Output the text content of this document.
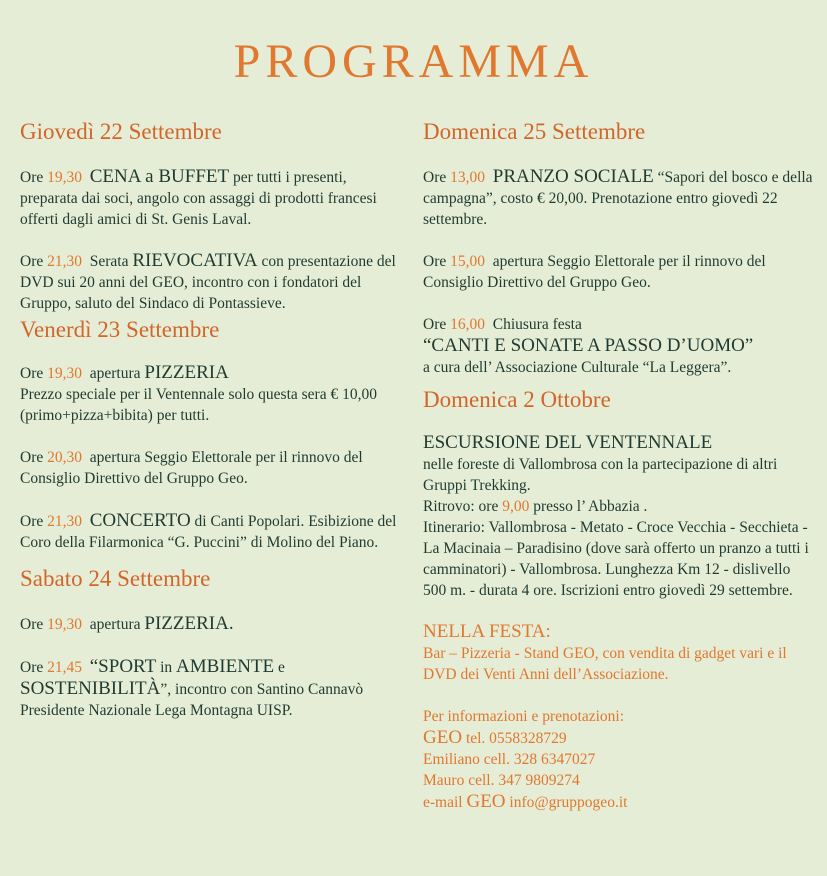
PROGRAMMA
Giovedì 22 Settembre

Ore 19,30 CENA a BUFFET per tutti i presenti, preparata dai soci, angolo con assaggi di prodotti francesi offerti dagli amici di St. Genis Laval.

Ore 21,30 Serata RIEVOCATIVA con presentazione del DVD sui 20 anni del GEO, incontro con i fondatori del Gruppo, saluto del Sindaco di Pontassieve.

Venerdì 23 Settembre

Ore 19,30 apertura PIZZERIA
Prezzo speciale per il Ventennale solo questa sera € 10,00 (primo+pizza+bibita) per tutti.

Ore 20,30 apertura Seggio Elettorale per il rinnovo del Consiglio Direttivo del Gruppo Geo.

Ore 21,30 CONCERTO di Canti Popolari. Esibizione del Coro della Filarmonica “G. Puccini” di Molino del Piano.

Sabato 24 Settembre

Ore 19,30 apertura PIZZERIA.

Ore 21,45 “SPORT in AMBIENTE e SOSTENIBILITÀ”, incontro con Santino Cannavò Presidente Nazionale Lega Montagna UISP.

Domenica 25 Settembre

Ore 13,00 PRANZO SOCIALE “Sapori del bosco e della campagna”, costo € 20,00. Prenotazione entro giovedì 22 settembre.

Ore 15,00 apertura Seggio Elettorale per il rinnovo del Consiglio Direttivo del Gruppo Geo.

Ore 16,00 Chiusura festa
“CANTI E SONATE A PASSO D’UOMO”
a cura dell’ Associazione Culturale “La Leggera”.

Domenica 2 Ottobre

ESCURSIONE DEL VENTENNALE
nelle foreste di Vallombrosa con la partecipazione di altri Gruppi Trekking.
Ritrovo: ore 9,00 presso l’ Abbazia .
Itinerario: Vallombrosa - Metato - Croce Vecchia - Secchieta - La Macinaia – Paradisino (dove sarà offerto un pranzo a tutti i camminatori) - Vallombrosa. Lunghezza Km 12 - dislivello 500 m. - durata 4 ore. Iscrizioni entro giovedì 29 settembre.

NELLA FESTA:
Bar – Pizzeria - Stand GEO, con vendita di gadget vari e il DVD dei Venti Anni dell’Associazione.

Per informazioni e prenotazioni:
GEO tel. 0558328729
Emiliano cell. 328 6347027
Mauro cell. 347 9809274
e-mail GEO info@gruppogeo.it
